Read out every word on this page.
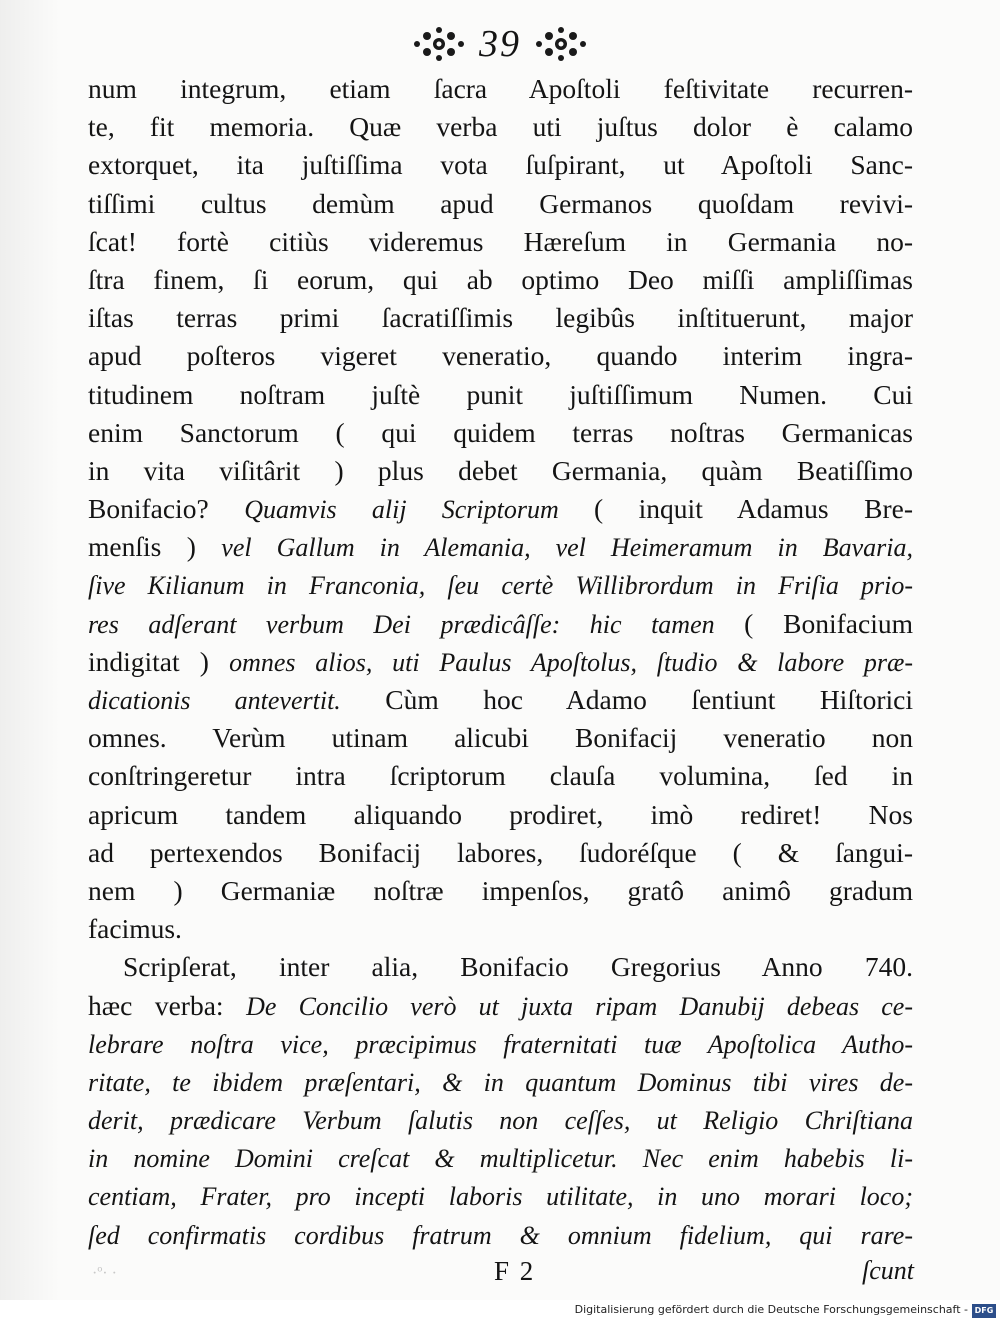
39
num integrum, etiam ſacra Apoſtoli feſtivitate recurren-
te, fit memoria. Quæ verba uti juſtus dolor è calamo
extorquet, ita juſtiſſima vota ſuſpirant, ut Apoſtoli Sanc-
tiſſimi cultus demùm apud Germanos quoſdam revivi-
ſcat! fortè citiùs videremus Hæreſum in Germania no-
ſtra finem, ſi eorum, qui ab optimo Deo miſſi ampliſſimas
iſtas terras primi ſacratiſſimis legibûs inſtituerunt, major
apud poſteros vigeret veneratio, quando interim ingra-
titudinem noſtram juſtè punit juſtiſſimum Numen. Cui
enim Sanctorum ( qui quidem terras noſtras Germanicas
in vita viſitârit ) plus debet Germania, quàm Beatiſſimo
Bonifacio? Quamvis alij Scriptorum ( inquit Adamus Bre-
menſis ) vel Gallum in Alemania, vel Heimeramum in Bavaria,
ſive Kilianum in Franconia, ſeu certè Willibrordum in Friſia prio-
res adſerant verbum Dei prædicâſſe: hic tamen ( Bonifacium
indigitat ) omnes alios, uti Paulus Apoſtolus, ſtudio & labore præ-
dicationis antevertit. Cùm hoc Adamo ſentiunt Hiſtorici
omnes. Verùm utinam alicubi Bonifacij veneratio non
conſtringeretur intra ſcriptorum clauſa volumina, ſed in
apricum tandem aliquando prodiret, imò rediret! Nos
ad pertexendos Bonifacij labores, ſudoréſque ( & ſangui-
nem ) Germaniæ noſtræ impenſos, gratô animô gradum
facimus.
Scripſerat, inter alia, Bonifacio Gregorius Anno 740.
hæc verba: De Concilio verò ut juxta ripam Danubij debeas ce-
lebrare noſtra vice, præcipimus fraternitati tuæ Apoſtolica Autho-
ritate, te ibidem præſentari, & in quantum Dominus tibi vires de-
derit, prædicare Verbum ſalutis non ceſſes, ut Religio Chriſtiana
in nomine Domini creſcat & multiplicetur. Nec enim habebis li-
centiam, Frater, pro incepti laboris utilitate, in uno morari loco;
ſed confirmatis cordibus fratrum & omnium fidelium, qui rare-
·º· ·	F 2	ſcunt
Digitalisierung gefördert durch die Deutsche Forschungsgemeinschaft - DFG
